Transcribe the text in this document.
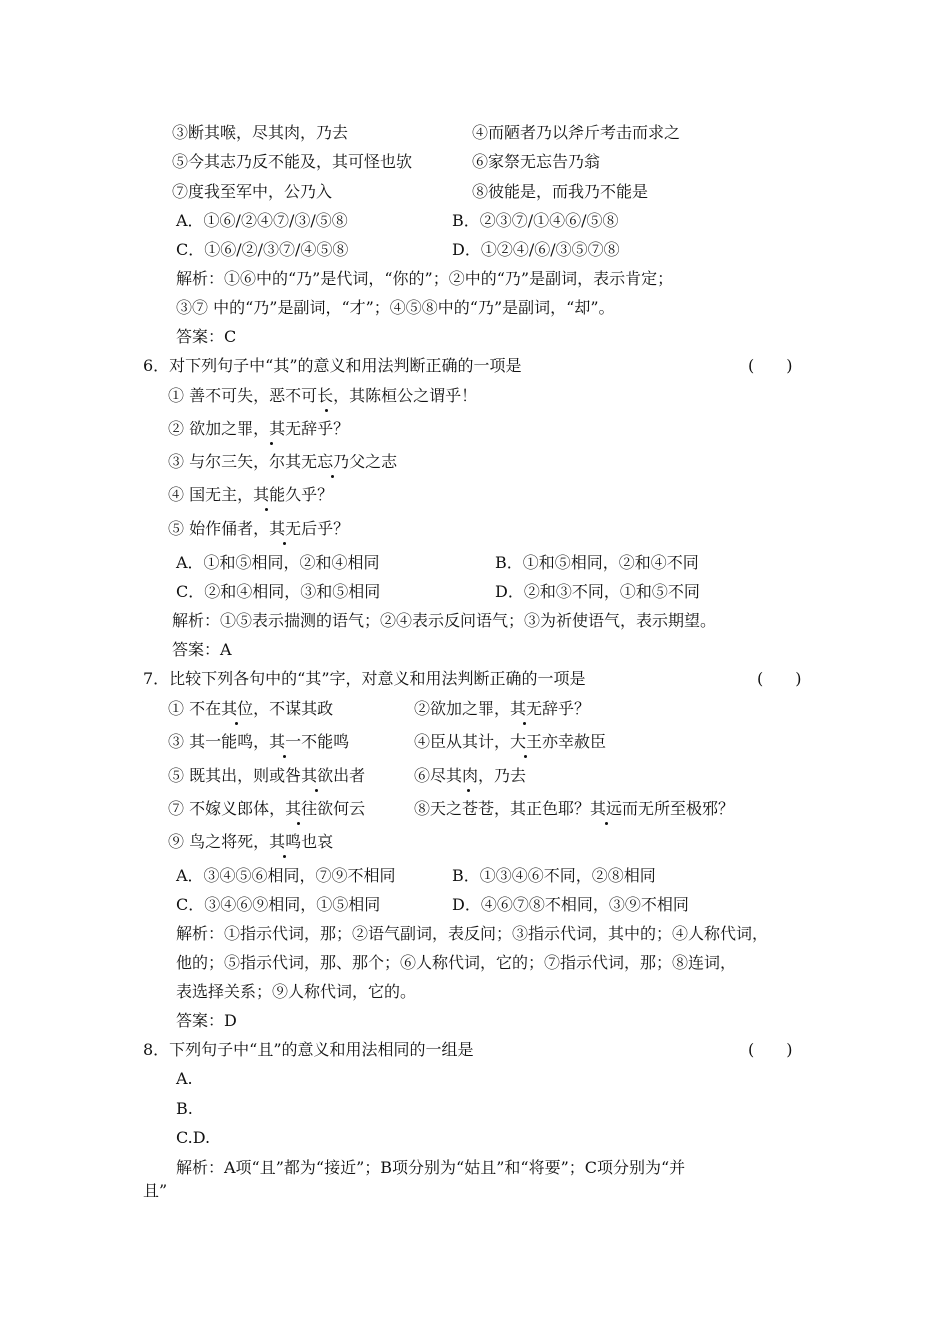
③断其喉，尽其肉，乃去	④而陋者乃以斧斤考击而求之
⑤今其志乃反不能及，其可怪也欤	⑥家祭无忘告乃翁
⑦度我至军中，公乃入	⑧彼能是，而我乃不能是
A．①⑥/②④⑦/③/⑤⑧	B．②③⑦/①④⑥/⑤⑧
C．①⑥/②/③⑦/④⑤⑧	D．①②④/⑥/③⑤⑦⑧
解析：①⑥中的“乃”是代词，“你的”；②中的“乃”是副词，表示肯定；
③⑦ 中的“乃”是副词，“才”；④⑤⑧中的“乃”是副词，“却”。
答案：C
6．对下列句子中“其”的意义和用法判断正确的一项是	(　　)
① 善不可失，恶不可长，其陈桓公之谓乎！
② 欲加之罪，其无辞乎？
③ 与尔三矢，尔其无忘乃父之志
④ 国无主，其能久乎？
⑤ 始作俑者，其无后乎？
A．①和⑤相同，②和④相同	B．①和⑤相同，②和④不同
C．②和④相同，③和⑤相同	D．②和③不同，①和⑤不同
解析：①⑤表示揣测的语气；②④表示反问语气；③为祈使语气，表示期望。
答案：A
7．比较下列各句中的“其”字，对意义和用法判断正确的一项是	(　　)
① 不在其位，不谋其政	②欲加之罪，其无辞乎？
③ 其一能鸣，其一不能鸣	④臣从其计，大王亦幸赦臣
⑤ 既其出，则或咎其欲出者	⑥尽其肉，乃去
⑦ 不嫁义郎体，其往欲何云	⑧天之苍苍，其正色耶？其远而无所至极邪？
⑨ 鸟之将死，其鸣也哀
A．③④⑤⑥相同，⑦⑨不相同	B．①③④⑥不同，②⑧相同
C．③④⑥⑨相同，①⑤相同	D．④⑥⑦⑧不相同，③⑨不相同
解析：①指示代词，那；②语气副词，表反问；③指示代词，其中的；④人称代词，
他的；⑤指示代词，那、那个；⑥人称代词，它的；⑦指示代词，那；⑧连词，
表选择关系；⑨人称代词，它的。
答案：D
8．下列句子中“且”的意义和用法相同的一组是	(　　)
A.
B.
C.D.
解析：A项“且”都为“接近”；B项分别为“姑且”和“将要”；C项分别为“并
且”
